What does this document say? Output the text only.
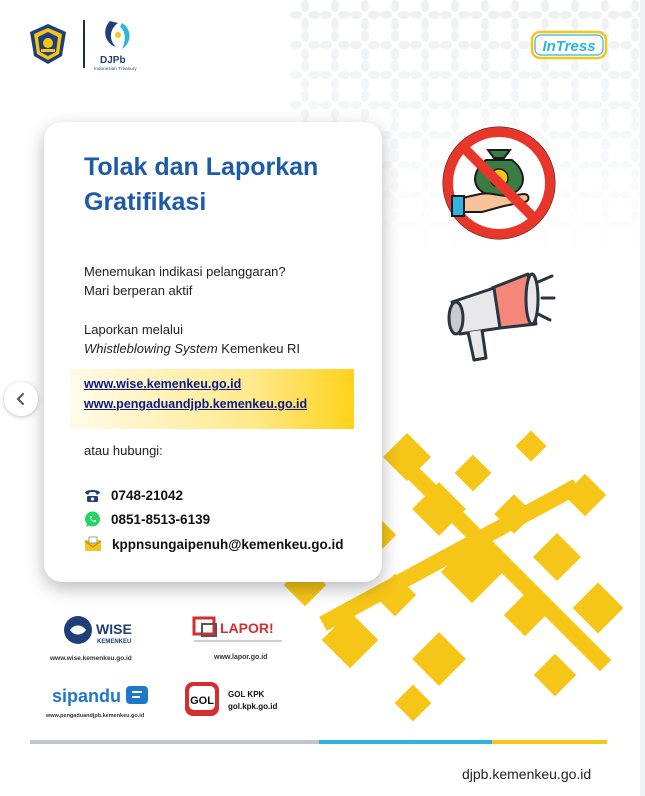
DJPb
Indonesian Treasury
InTress
Tolak dan Laporkan Gratifikasi
Menemukan indikasi pelanggaran?
Mari berperan aktif
Laporkan melalui
Whistleblowing System Kemenkeu RI
www.wise.kemenkeu.go.id
www.pengaduandjpb.kemenkeu.go.id
atau hubungi:
0748-21042
0851-8513-6139
kppnsungaipenuh@kemenkeu.go.id
WISE
KEMENKEU
www.wise.kemenkeu.go.id
LAPOR!
www.lapor.go.id
sipandu
www.pengaduandjpb.kemenkeu.go.id
GOL
GOL KPK
gol.kpk.go.id
djpb.kemenkeu.go.id
